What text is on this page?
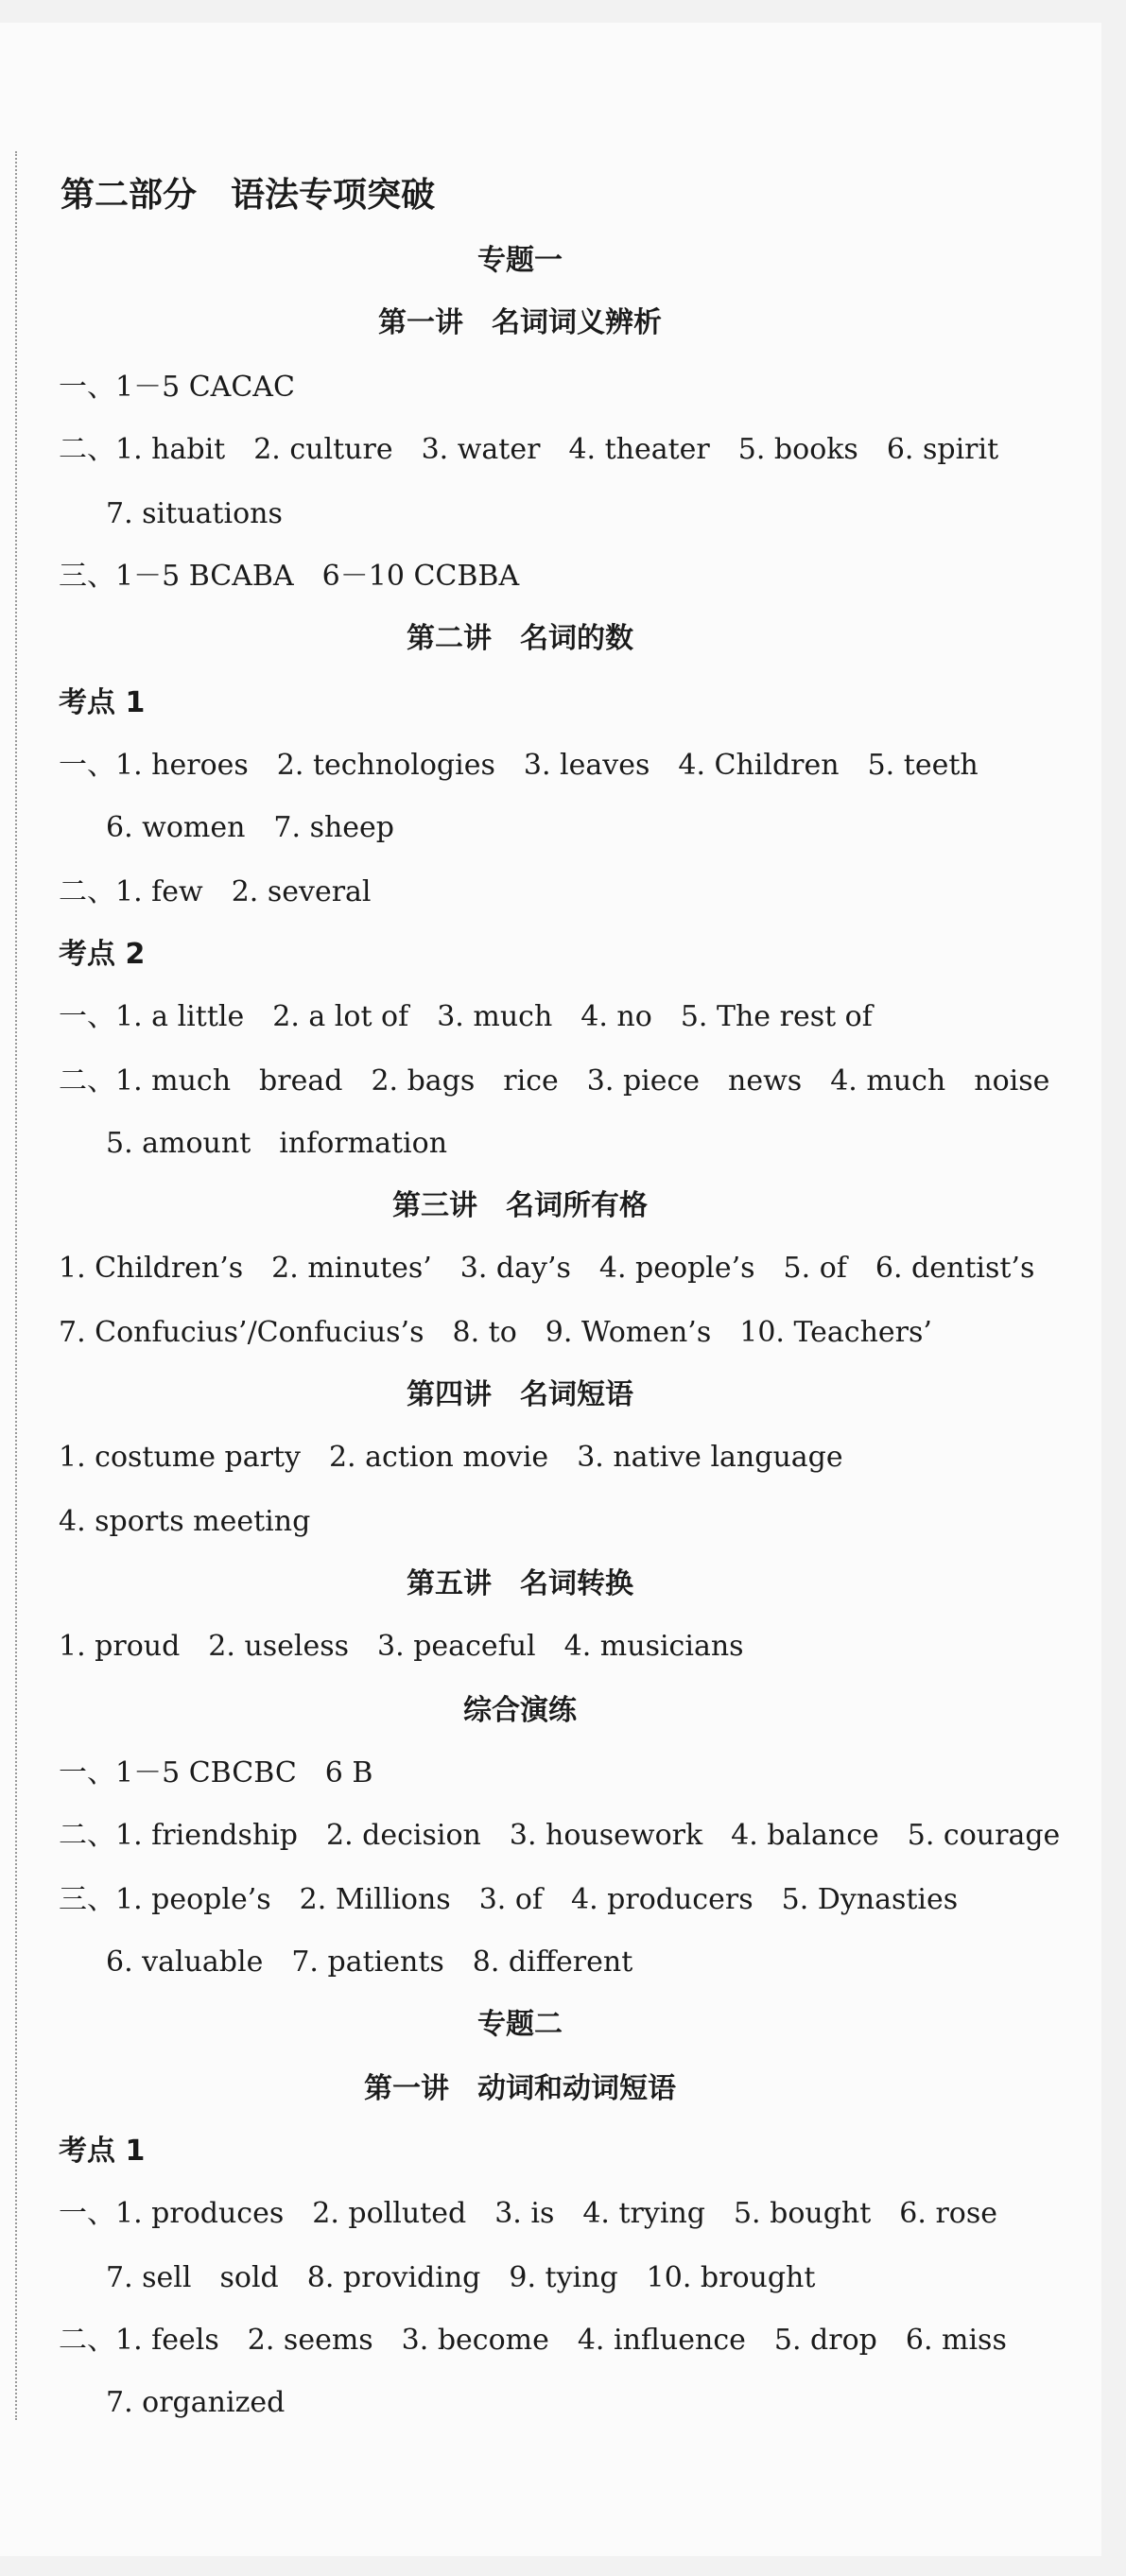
第二部分　语法专项突破
专题一
第一讲　名词词义辨析
一、1－5 CACAC
二、1. habit　2. culture　3. water　4. theater　5. books　6. spirit
7. situations
三、1－5 BCABA　6－10 CCBBA
第二讲　名词的数
考点 1
一、1. heroes　2. technologies　3. leaves　4. Children　5. teeth
6. women　7. sheep
二、1. few　2. several
考点 2
一、1. a little　2. a lot of　3. much　4. no　5. The rest of
二、1. much　bread　2. bags　rice　3. piece　news　4. much　noise
5. amount　information
第三讲　名词所有格
1. Children’s　2. minutes’　3. day’s　4. people’s　5. of　6. dentist’s
7. Confucius’/Confucius’s　8. to　9. Women’s　10. Teachers’
第四讲　名词短语
1. costume party　2. action movie　3. native language
4. sports meeting
第五讲　名词转换
1. proud　2. useless　3. peaceful　4. musicians
综合演练
一、1－5 CBCBC　6 B
二、1. friendship　2. decision　3. housework　4. balance　5. courage
三、1. people’s　2. Millions　3. of　4. producers　5. Dynasties
6. valuable　7. patients　8. different
专题二
第一讲　动词和动词短语
考点 1
一、1. produces　2. polluted　3. is　4. trying　5. bought　6. rose
7. sell　sold　8. providing　9. tying　10. brought
二、1. feels　2. seems　3. become　4. influence　5. drop　6. miss
7. organized
